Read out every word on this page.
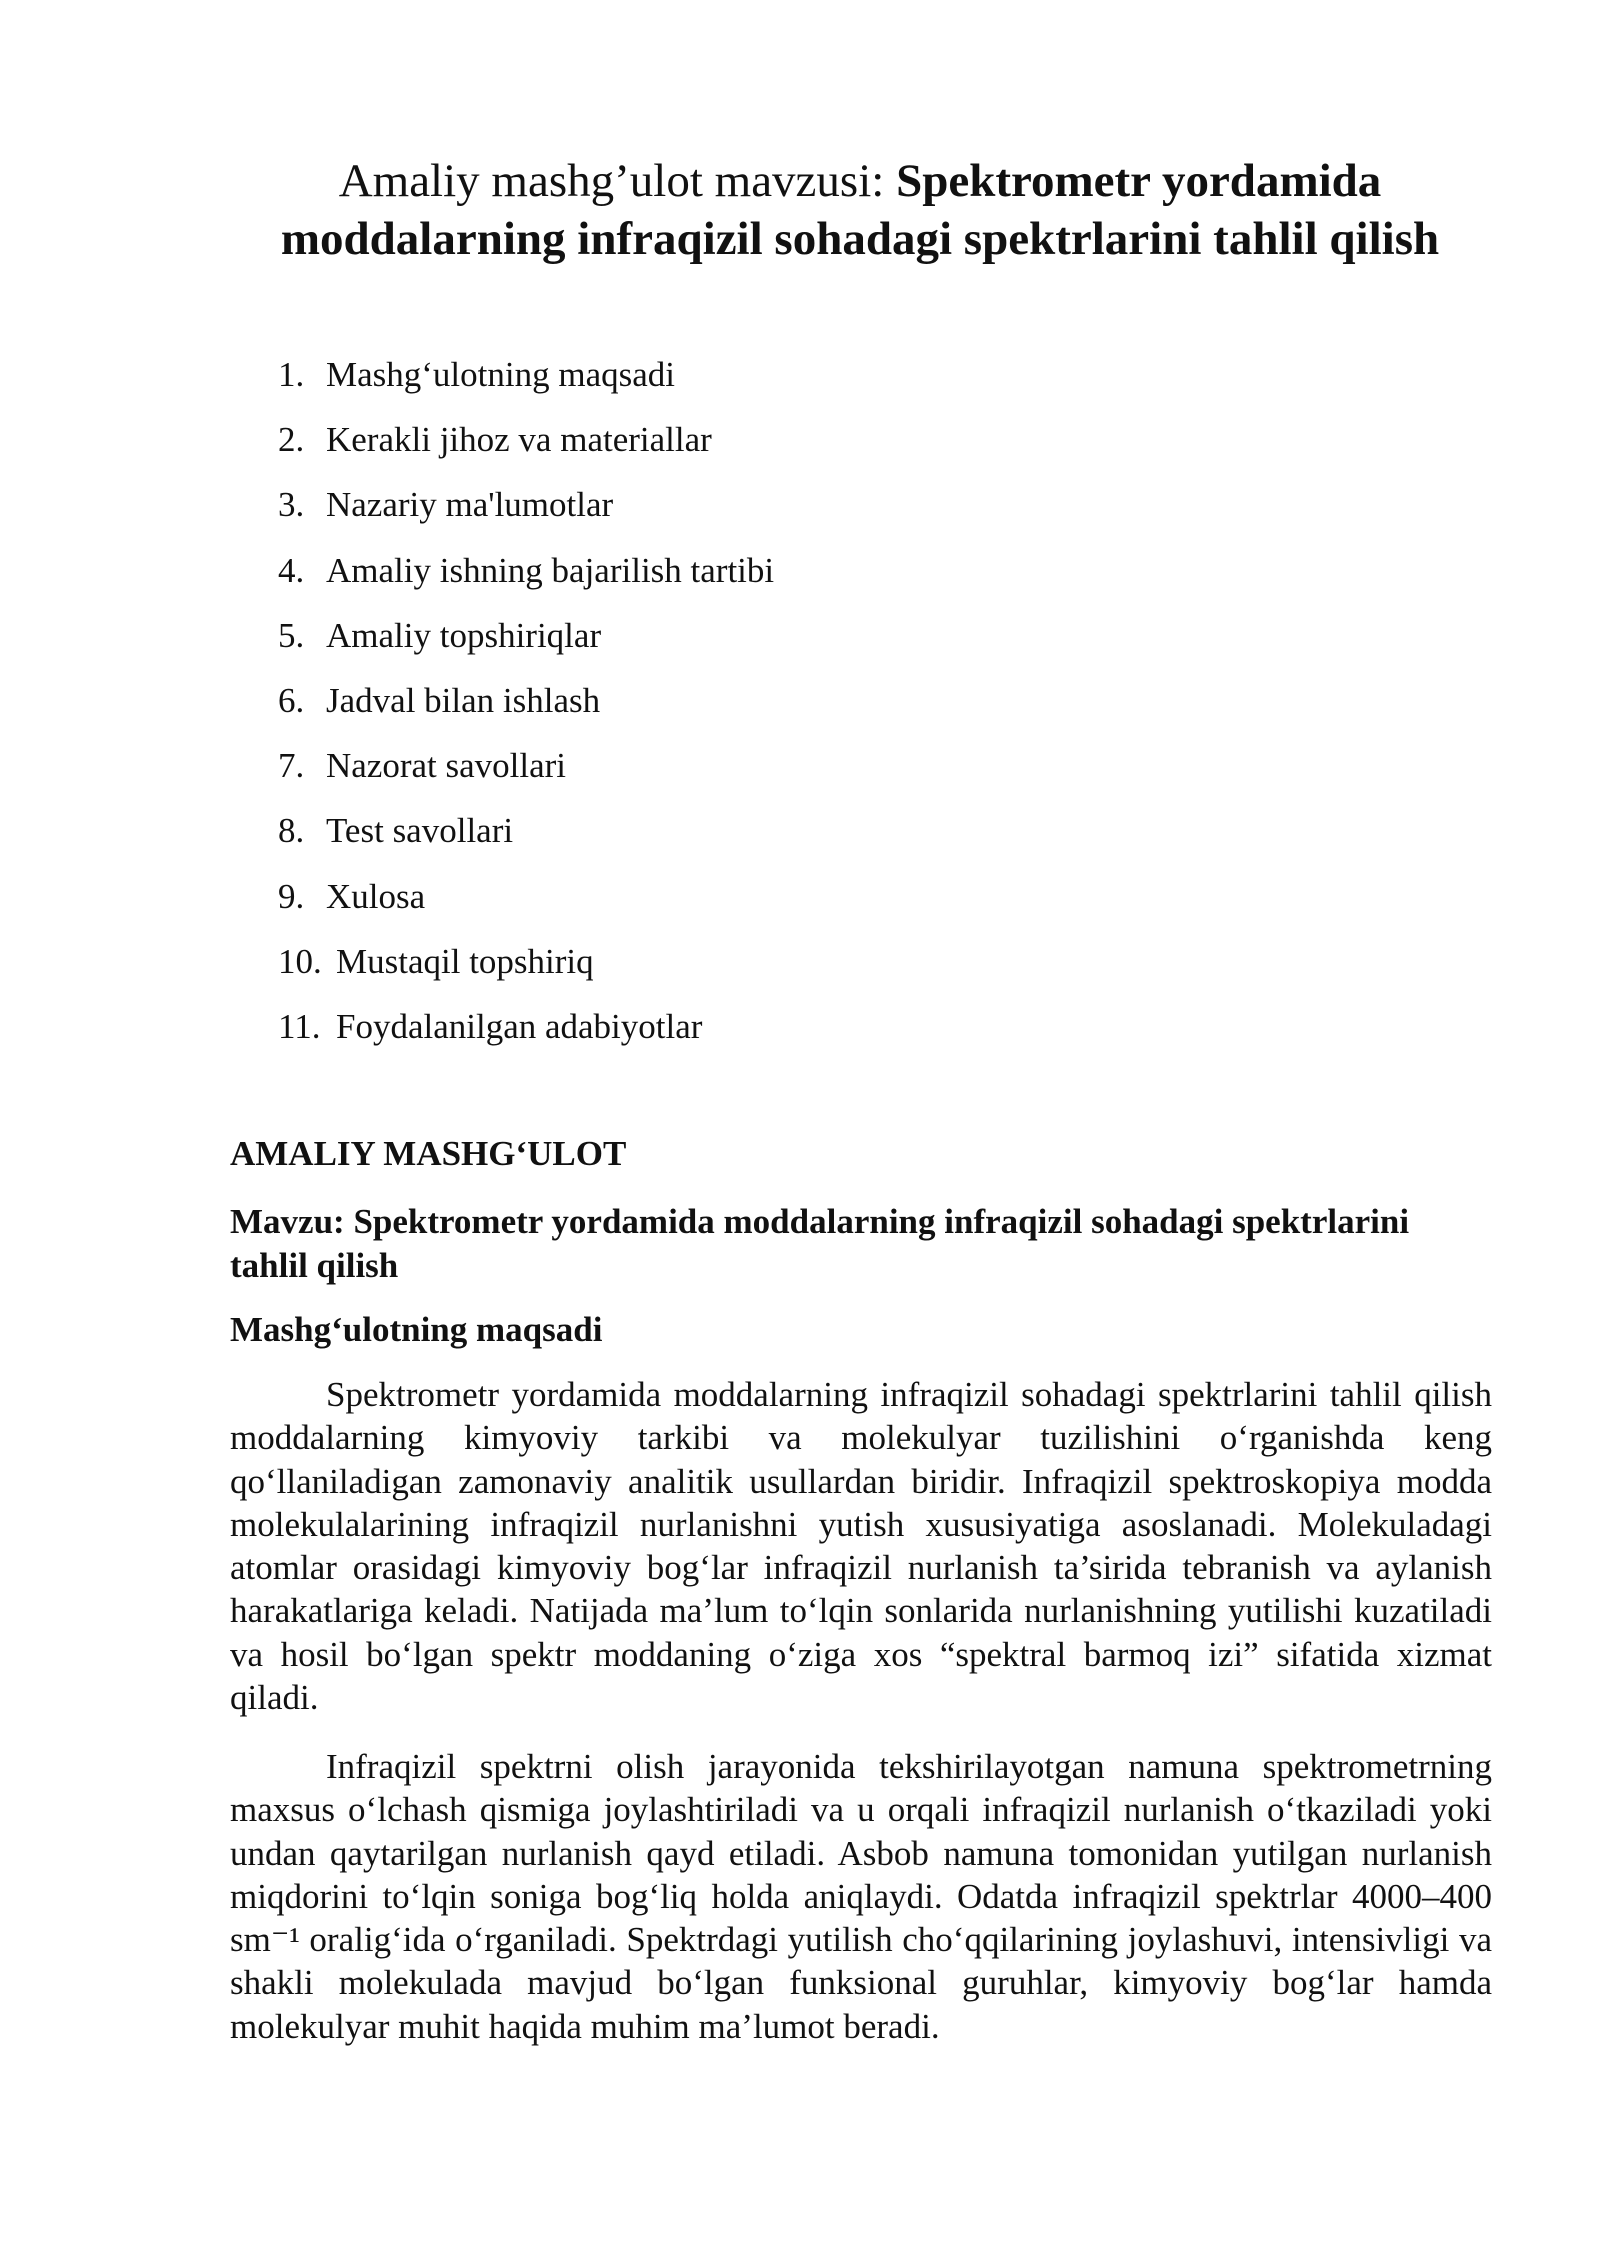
Amaliy mashg’ulot mavzusi: Spektrometr yordamida moddalarning infraqizil sohadagi spektrlarini tahlil qilish
1. Mashg‘ulotning maqsadi
2. Kerakli jihoz va materiallar
3. Nazariy ma'lumotlar
4. Amaliy ishning bajarilish tartibi
5. Amaliy topshiriqlar
6. Jadval bilan ishlash
7. Nazorat savollari
8. Test savollari
9. Xulosa
10. Mustaqil topshiriq
11. Foydalanilgan adabiyotlar
AMALIY MASHG‘ULOT
Mavzu: Spektrometr yordamida moddalarning infraqizil sohadagi spektrlarini tahlil qilish
Mashg‘ulotning maqsadi

Spektrometr yordamida moddalarning infraqizil sohadagi spektrlarini tahlil qilish moddalarning kimyoviy tarkibi va molekulyar tuzilishini o‘rganishda keng qo‘llaniladigan zamonaviy analitik usullardan biridir. Infraqizil spektroskopiya modda molekulalarining infraqizil nurlanishni yutish xususiyatiga asoslanadi. Molekuladagi atomlar orasidagi kimyoviy bog‘lar infraqizil nurlanish ta’sirida tebranish va aylanish harakatlariga keladi. Natijada ma’lum to‘lqin sonlarida nurlanishning yutilishi kuzatiladi va hosil bo‘lgan spektr moddaning o‘ziga xos “spektral barmoq izi” sifatida xizmat qiladi.

Infraqizil spektrni olish jarayonida tekshirilayotgan namuna spektrometrning maxsus o‘lchash qismiga joylashtiriladi va u orqali infraqizil nurlanish o‘tkaziladi yoki undan qaytarilgan nurlanish qayd etiladi. Asbob namuna tomonidan yutilgan nurlanish miqdorini to‘lqin soniga bog‘liq holda aniqlaydi. Odatda infraqizil spektrlar 4000–400 sm⁻¹ oralig‘ida o‘rganiladi. Spektrdagi yutilish cho‘qqilarining joylashuvi, intensivligi va shakli molekulada mavjud bo‘lgan funksional guruhlar, kimyoviy bog‘lar hamda molekulyar muhit haqida muhim ma’lumot beradi.
